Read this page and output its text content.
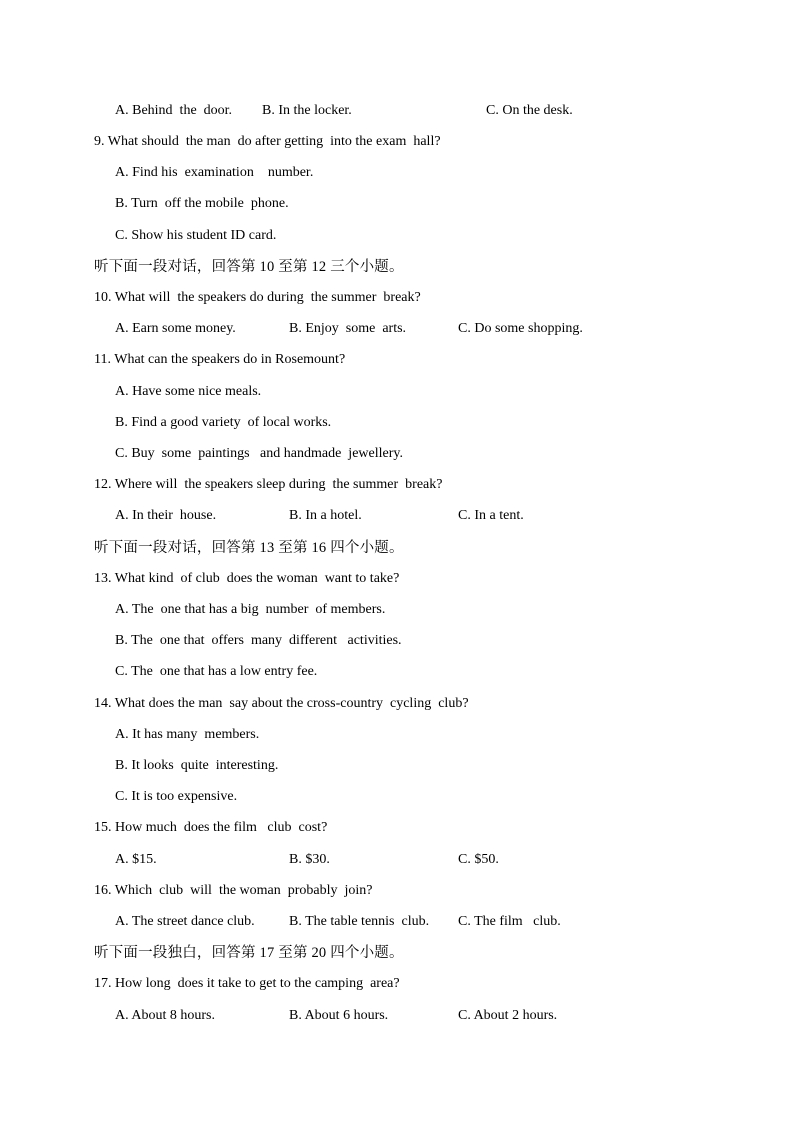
A. Behind  the  door.

B. In the locker.

	C. On the desk.

9. What should  the man  do after getting  into the exam  hall?
A. Find his  examination    number.
B. Turn  off the mobile  phone.
C. Show his student ID card.
听下面一段对话，回答第 10 至第 12 三个小题。
10. What will  the speakers do during  the summer  break?

A. Earn some money.

	B. Enjoy  some  arts.

	C. Do some shopping.

11. What can the speakers do in Rosemount?
A. Have some nice meals.
B. Find a good variety  of local works.
C. Buy  some  paintings   and handmade  jewellery.
12. Where will  the speakers sleep during  the summer  break?

A. In their  house.

	B. In a hotel.

	C. In a tent.

听下面一段对话，回答第 13 至第 16 四个小题。
13. What kind  of club  does the woman  want to take?
A. The  one that has a big  number  of members.
B. The  one that  offers  many  different   activities.
C. The  one that has a low entry fee.
14. What does the man  say about the cross-country  cycling  club?
A. It has many  members.
B. It looks  quite  interesting.
C. It is too expensive.
15. How much  does the film   club  cost?

A. $15.

	B. $30.

	C. $50.

16. Which  club  will  the woman  probably  join?

A. The street dance club.

B. The table tennis  club.

C. The film   club.

听下面一段独白，回答第 17 至第 20 四个小题。
17. How long  does it take to get to the camping  area?

A. About 8 hours.

	B. About 6 hours.

	C. About 2 hours.
